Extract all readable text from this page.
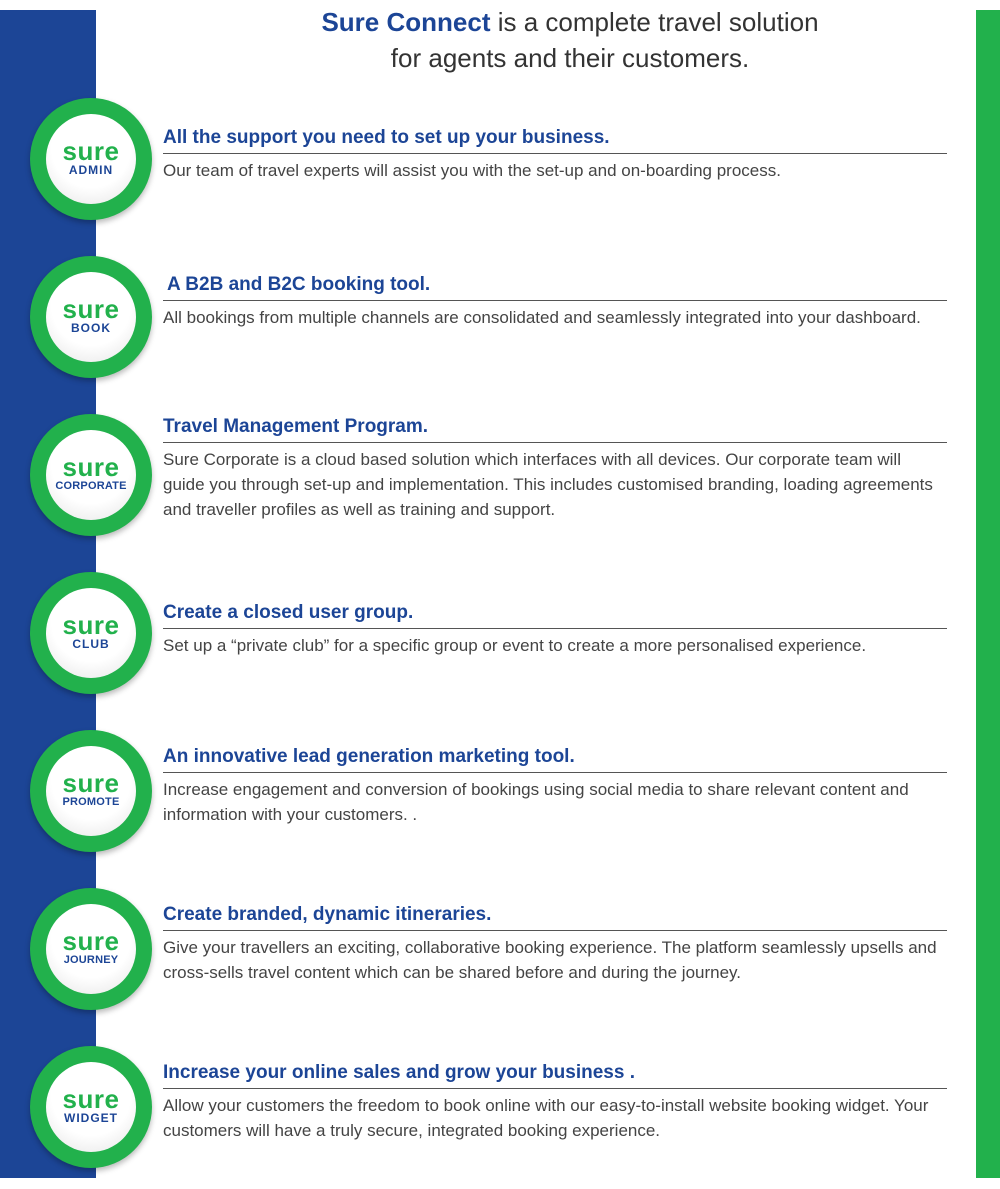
Sure Connect is a complete travel solution
for agents and their customers.
sure
ADMIN
All the support you need to set up your business.
Our team of travel experts will assist you with the set-up and on-boarding process.
sure
BOOK
A B2B and B2C booking tool.
All bookings from multiple channels are consolidated and seamlessly integrated into your dashboard.
sure
CORPORATE
Travel Management Program.
Sure Corporate is a cloud based solution which interfaces with all devices. Our corporate team will guide you through set-up and implementation. This includes customised branding, loading agreements and traveller profiles as well as training and support.
sure
CLUB
Create a closed user group.
Set up a “private club” for a specific group or event to create a more personalised experience.
sure
PROMOTE
An innovative lead generation marketing tool.
Increase engagement and conversion of bookings using social media to share relevant content and information with your customers. .
sure
JOURNEY
Create branded, dynamic itineraries.
Give your travellers an exciting, collaborative booking experience. The platform seamlessly upsells and cross-sells travel content which can be shared before and during the journey.
sure
WIDGET
Increase your online sales and grow your business .
Allow your customers the freedom to book online with our easy-to-install website booking widget. Your customers will have a truly secure, integrated booking experience.
